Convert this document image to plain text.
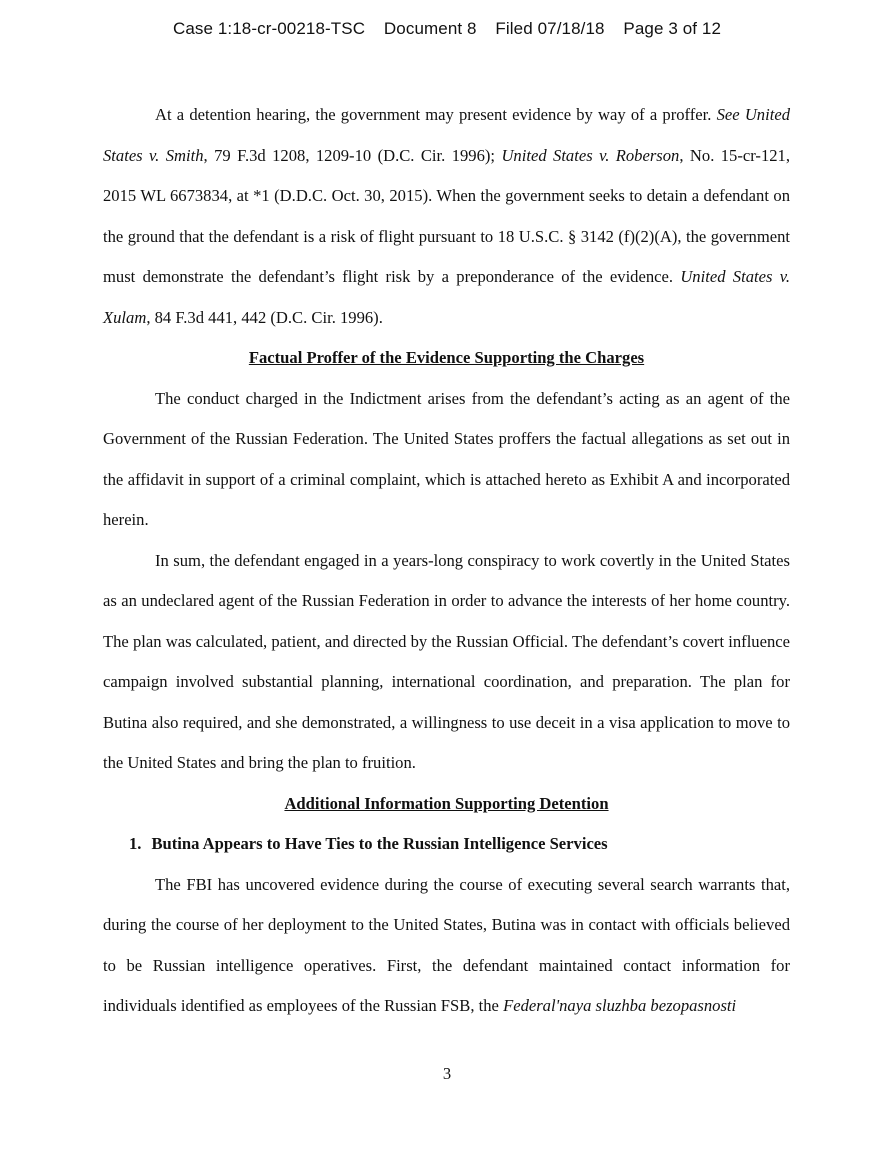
Case 1:18-cr-00218-TSC Document 8 Filed 07/18/18 Page 3 of 12

At a detention hearing, the government may present evidence by way of a proffer. See United States v. Smith, 79 F.3d 1208, 1209-10 (D.C. Cir. 1996); United States v. Roberson, No. 15-cr-121, 2015 WL 6673834, at *1 (D.D.C. Oct. 30, 2015). When the government seeks to detain a defendant on the ground that the defendant is a risk of flight pursuant to 18 U.S.C. § 3142 (f)(2)(A), the government must demonstrate the defendant’s flight risk by a preponderance of the evidence. United States v. Xulam, 84 F.3d 441, 442 (D.C. Cir. 1996).

Factual Proffer of the Evidence Supporting the Charges

The conduct charged in the Indictment arises from the defendant’s acting as an agent of the Government of the Russian Federation. The United States proffers the factual allegations as set out in the affidavit in support of a criminal complaint, which is attached hereto as Exhibit A and incorporated herein.

In sum, the defendant engaged in a years-long conspiracy to work covertly in the United States as an undeclared agent of the Russian Federation in order to advance the interests of her home country. The plan was calculated, patient, and directed by the Russian Official. The defendant’s covert influence campaign involved substantial planning, international coordination, and preparation. The plan for Butina also required, and she demonstrated, a willingness to use deceit in a visa application to move to the United States and bring the plan to fruition.

Additional Information Supporting Detention
1. Butina Appears to Have Ties to the Russian Intelligence Services

The FBI has uncovered evidence during the course of executing several search warrants that, during the course of her deployment to the United States, Butina was in contact with officials believed to be Russian intelligence operatives. First, the defendant maintained contact information for individuals identified as employees of the Russian FSB, the Federal'naya sluzhba bezopasnosti

3
